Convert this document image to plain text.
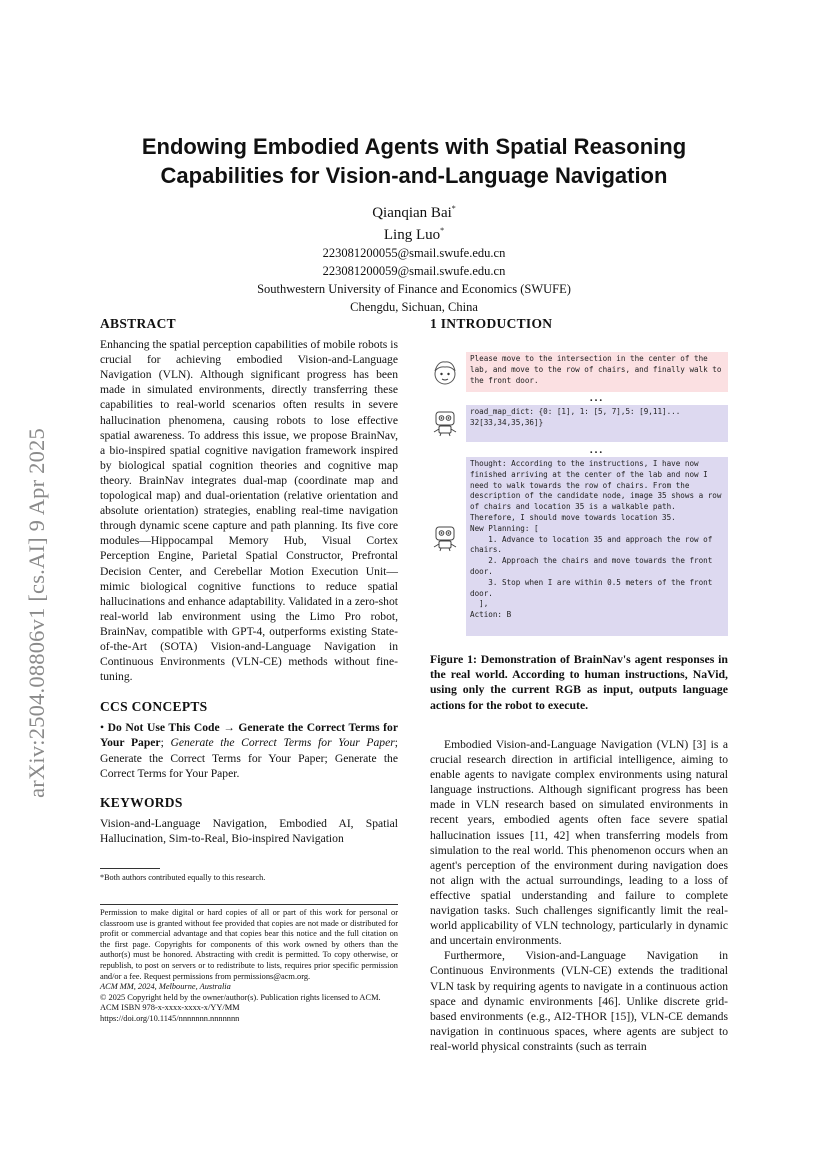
arXiv:2504.08806v1 [cs.AI] 9 Apr 2025
Endowing Embodied Agents with Spatial Reasoning Capabilities for Vision-and-Language Navigation
Qianqian Bai*
Ling Luo*
223081200055@smail.swufe.edu.cn
223081200059@smail.swufe.edu.cn
Southwestern University of Finance and Economics (SWUFE)
Chengdu, Sichuan, China
ABSTRACT

Enhancing the spatial perception capabilities of mobile robots is crucial for achieving embodied Vision-and-Language Navigation (VLN). Although significant progress has been made in simulated environments, directly transferring these capabilities to real-world scenarios often results in severe hallucination phenomena, causing robots to lose effective spatial awareness. To address this issue, we propose BrainNav, a bio-inspired spatial cognitive navigation framework inspired by biological spatial cognition theories and cognitive map theory. BrainNav integrates dual-map (coordinate map and topological map) and dual-orientation (relative orientation and absolute orientation) strategies, enabling real-time navigation through dynamic scene capture and path planning. Its five core modules—Hippocampal Memory Hub, Visual Cortex Perception Engine, Parietal Spatial Constructor, Prefrontal Decision Center, and Cerebellar Motion Execution Unit—mimic biological cognitive functions to reduce spatial hallucinations and enhance adaptability. Validated in a zero-shot real-world lab environment using the Limo Pro robot, BrainNav, compatible with GPT-4, outperforms existing State-of-the-Art (SOTA) Vision-and-Language Navigation in Continuous Environments (VLN-CE) methods without fine-tuning.

CCS CONCEPTS

• Do Not Use This Code → Generate the Correct Terms for Your Paper; Generate the Correct Terms for Your Paper; Generate the Correct Terms for Your Paper; Generate the Correct Terms for Your Paper.

KEYWORDS

Vision-and-Language Navigation, Embodied AI, Spatial Hallucination, Sim-to-Real, Bio-inspired Navigation

*Both authors contributed equally to this research.
Permission to make digital or hard copies of all or part of this work for personal or classroom use is granted without fee provided that copies are not made or distributed for profit or commercial advantage and that copies bear this notice and the full citation on the first page. Copyrights for components of this work owned by others than the author(s) must be honored. Abstracting with credit is permitted. To copy otherwise, or republish, to post on servers or to redistribute to lists, requires prior specific permission and/or a fee. Request permissions from permissions@acm.org.
ACM MM, 2024, Melbourne, Australia
© 2025 Copyright held by the owner/author(s). Publication rights licensed to ACM.
ACM ISBN 978-x-xxxx-xxxx-x/YY/MM
https://doi.org/10.1145/nnnnnnn.nnnnnnn
1 INTRODUCTION
Please move to the intersection in the center of the lab, and move to the row of chairs, and finally walk to the front door.
...
road_map_dict: {0: [1], 1: [5, 7],5: [9,11]... 32[33,34,35,36]}
...
Thought: According to the instructions, I have now finished arriving at the center of the lab and now I need to walk towards the row of chairs. From the description of the candidate node, image 35 shows a row of chairs and location 35 is a walkable path. Therefore, I should move towards location 35.
New Planning: [
1. Advance to location 35 and approach the row of chairs.
2. Approach the chairs and move towards the front door.
3. Stop when I are within 0.5 meters of the front door.
],
Action: B
Figure 1: Demonstration of BrainNav's agent responses in the real world. According to human instructions, NaVid, using only the current RGB as input, outputs language actions for the robot to execute.

Embodied Vision-and-Language Navigation (VLN) [3] is a crucial research direction in artificial intelligence, aiming to enable agents to navigate complex environments using natural language instructions. Although significant progress has been made in VLN research based on simulated environments in recent years, embodied agents often face severe spatial hallucination issues [11, 42] when transferring models from simulation to the real world. This phenomenon occurs when an agent's perception of the environment during navigation does not align with the actual surroundings, leading to a loss of effective spatial understanding and failure to complete navigation tasks. Such challenges significantly limit the real-world applicability of VLN technology, particularly in dynamic and uncertain environments.

Furthermore, Vision-and-Language Navigation in Continuous Environments (VLN-CE) extends the traditional VLN task by requiring agents to navigate in a continuous action space and dynamic environments [46]. Unlike discrete grid-based environments (e.g., AI2-THOR [15]), VLN-CE demands navigation in continuous spaces, where agents are subject to real-world physical constraints (such as terrain
